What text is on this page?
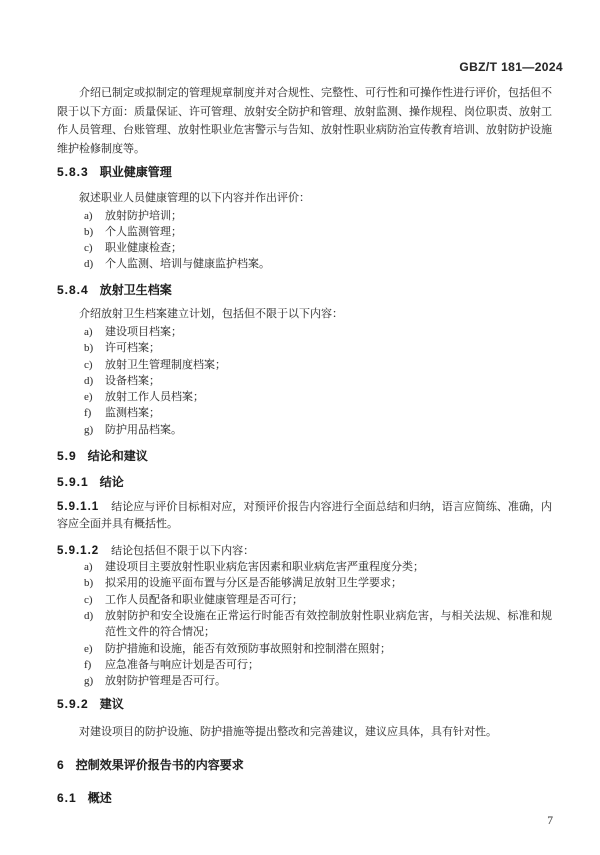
GBZ/T 181—2024

介绍已制定或拟制定的管理规章制度并对合规性、完整性、可行性和可操作性进行评价，包括但不限于以下方面：质量保证、许可管理、放射安全防护和管理、放射监测、操作规程、岗位职责、放射工作人员管理、台账管理、放射性职业危害警示与告知、放射性职业病防治宣传教育培训、放射防护设施维护检修制度等。

5.8.3 职业健康管理

叙述职业人员健康管理的以下内容并作出评价：

a) 放射防护培训；
b) 个人监测管理；
c) 职业健康检查；
d) 个人监测、培训与健康监护档案。
5.8.4 放射卫生档案

介绍放射卫生档案建立计划，包括但不限于以下内容：

a) 建设项目档案；
b) 许可档案；
c) 放射卫生管理制度档案；
d) 设备档案；
e) 放射工作人员档案；
f) 监测档案；
g) 防护用品档案。
5.9 结论和建议
5.9.1 结论

5.9.1.1 结论应与评价目标相对应，对预评价报告内容进行全面总结和归纳，语言应简练、准确，内容应全面并具有概括性。

5.9.1.2 结论包括但不限于以下内容：

a) 建设项目主要放射性职业病危害因素和职业病危害严重程度分类；
b) 拟采用的设施平面布置与分区是否能够满足放射卫生学要求；
c) 工作人员配备和职业健康管理是否可行；
d) 放射防护和安全设施在正常运行时能否有效控制放射性职业病危害，与相关法规、标准和规范性文件的符合情况；
e) 防护措施和设施，能否有效预防事故照射和控制潜在照射；
f) 应急准备与响应计划是否可行；
g) 放射防护管理是否可行。
5.9.2 建议

对建设项目的防护设施、防护措施等提出整改和完善建议，建议应具体，具有针对性。

6 控制效果评价报告书的内容要求
6.1 概述
7
